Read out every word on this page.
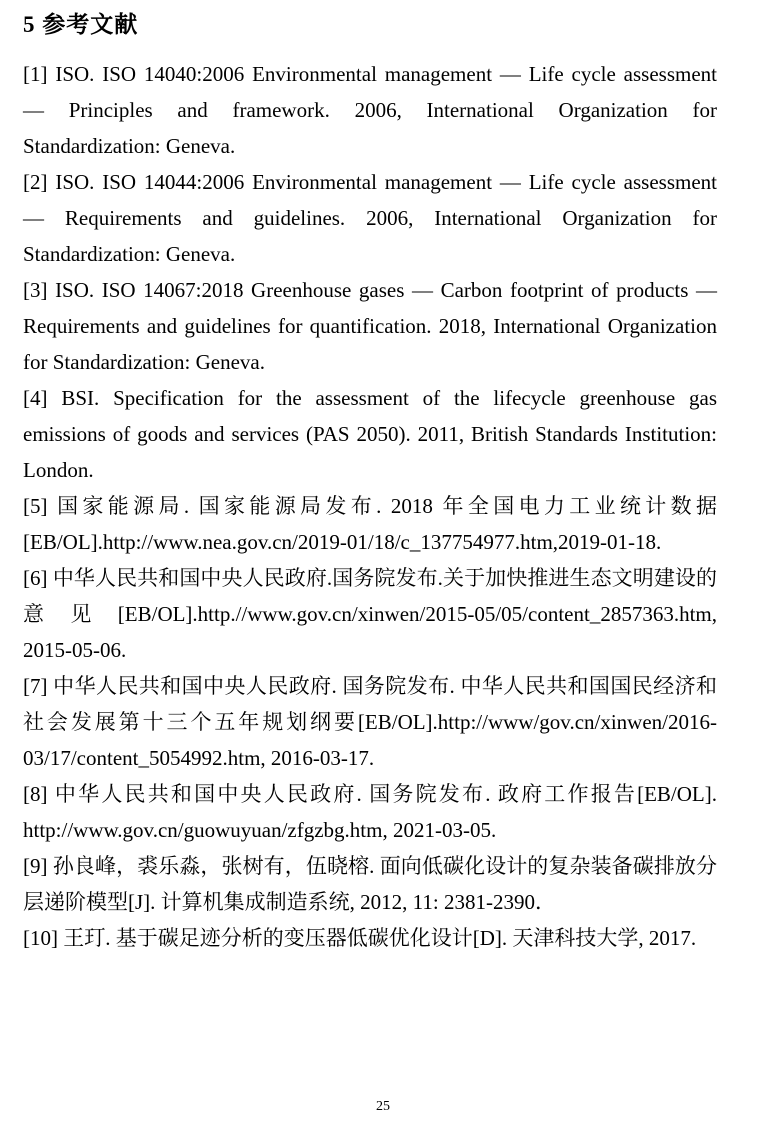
5 参考文献

[1] ISO. ISO 14040:2006 Environmental management — Life cycle assessment — Principles and framework. 2006, International Organization for Standardization: Geneva.

[2] ISO. ISO 14044:2006 Environmental management — Life cycle assessment — Requirements and guidelines. 2006, International Organization for Standardization: Geneva.

[3] ISO. ISO 14067:2018 Greenhouse gases — Carbon footprint of products — Requirements and guidelines for quantification. 2018, International Organization for Standardization: Geneva.

[4] BSI. Specification for the assessment of the lifecycle greenhouse gas emissions of goods and services (PAS 2050). 2011, British Standards Institution: London.

[5] 国家能源局. 国家能源局发布. 2018 年全国电力工业统计数据[EB/OL].http://www.nea.gov.cn/2019-01/18/c_137754977.htm,2019-01-18.

[6] 中华人民共和国中央人民政府.国务院发布.关于加快推进生态文明建设的意见[EB/OL].http.//www.gov.cn/xinwen/2015-05/05/content_2857363.htm, 2015-05-06.

[7] 中华人民共和国中央人民政府. 国务院发布. 中华人民共和国国民经济和社会发展第十三个五年规划纲要[EB/OL].http://www/gov.cn/xinwen/2016-03/17/content_5054992.htm, 2016-03-17.

[8] 中华人民共和国中央人民政府. 国务院发布. 政府工作报告[EB/OL]. http://www.gov.cn/guowuyuan/zfgzbg.htm, 2021-03-05.

[9] 孙良峰，裘乐淼，张树有，伍晓榕. 面向低碳化设计的复杂装备碳排放分层递阶模型[J]. 计算机集成制造系统, 2012, 11: 2381-2390．

[10] 王玎. 基于碳足迹分析的变压器低碳优化设计[D]. 天津科技大学, 2017.

25
